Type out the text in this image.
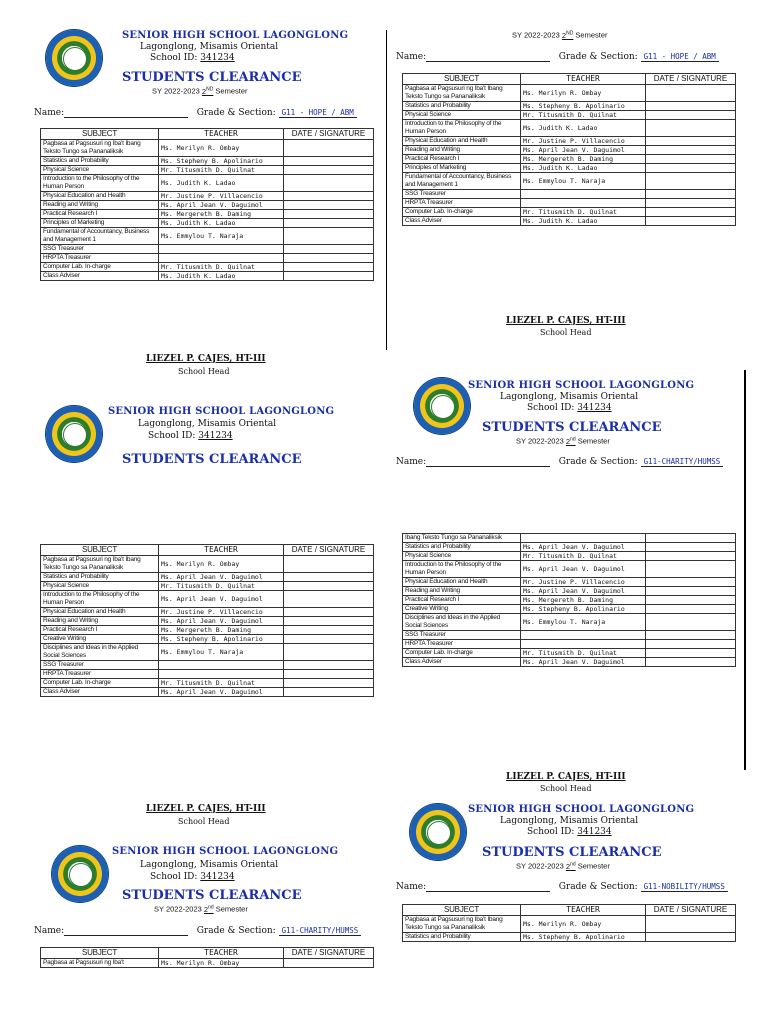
SENIOR HIGH SCHOOL LAGONGLONG
Lagonglong, Misamis Oriental
School ID: 341234
STUDENTS CLEARANCE
SY 2022-2023 2ND Semester
Name:	Grade & Section: G11 - HOPE / ABM
SUBJECT	TEACHER	DATE / SIGNATURE
Pagbasa at Pagsusuri ng Iba't Ibang Teksto Tungo sa Pananaliksik	Ms. Merilyn R. Ombay	
Statistics and Probability	Ms. Stepheny B. Apolinario	
Physical Science	Mr. Titusmith D. Quilnat	
Introduction to the Philosophy of the Human Person	Ms. Judith K. Ladao	
Physical Education and Health	Mr. Justine P. Villacencio	
Reading and Writing	Ms. April Jean V. Daguimol	
Practical Research I	Ms. Mergereth B. Daming	
Principles of Marketing	Ms. Judith K. Ladao	
Fundamental of Accountancy, Business and Management 1	Ms. Emmylou T. Naraja	
SSG Treasurer		
HRPTA Treasurer		
Computer Lab. In-charge	Mr. Titusmith D. Quilnat	
Class Adviser	Ms. Judith K. Ladao	
LIEZEL P. CAJES, HT-III
School Head
SY 2022-2023 2ND Semester
Name:	Grade & Section: G11 - HOPE / ABM
SUBJECT	TEACHER	DATE / SIGNATURE
Pagbasa at Pagsusuri ng Iba't Ibang Teksto Tungo sa Pananaliksik	Ms. Merilyn R. Ombay	
Statistics and Probability	Ms. Stepheny B. Apolinario	
Physical Science	Mr. Titusmith D. Quilnat	
Introduction to the Philosophy of the Human Person	Ms. Judith K. Ladao	
Physical Education and Health	Mr. Justine P. Villacencio	
Reading and Writing	Ms. April Jean V. Daguimol	
Practical Research I	Ms. Mergereth B. Daming	
Principles of Marketing	Ms. Judith K. Ladao	
Fundamental of Accountancy, Business and Management 1	Ms. Emmylou T. Naraja	
SSG Treasurer		
HRPTA Treasurer		
Computer Lab. In-charge	Mr. Titusmith D. Quilnat	
Class Adviser	Ms. Judith K. Ladao	
LIEZEL P. CAJES, HT-III
School Head
SENIOR HIGH SCHOOL LAGONGLONG
Lagonglong, Misamis Oriental
School ID: 341234
STUDENTS CLEARANCE
SUBJECT	TEACHER	DATE / SIGNATURE
Pagbasa at Pagsusuri ng Iba't Ibang Teksto Tungo sa Pananaliksik	Ms. Merilyn R. Ombay	
Statistics and Probability	Ms. April Jean V. Daguimol	
Physical Science	Mr. Titusmith D. Quilnat	
Introduction to the Philosophy of the Human Person	Ms. April Jean V. Daguimol	
Physical Education and Health	Mr. Justine P. Villacencio	
Reading and Writing	Ms. April Jean V. Daguimol	
Practical Research I	Ms. Mergereth B. Daming	
Creative Writing	Ms. Stepheny B. Apolinario	
Disciplines and Ideas in the Applied Social Sciences	Ms. Emmylou T. Naraja	
SSG Treasurer		
HRPTA Treasurer		
Computer Lab. In-charge	Mr. Titusmith D. Quilnat	
Class Adviser	Ms. April Jean V. Daguimol	
LIEZEL P. CAJES, HT-III
School Head
SENIOR HIGH SCHOOL LAGONGLONG
Lagonglong, Misamis Oriental
School ID: 341234
STUDENTS CLEARANCE
SY 2022-2023 2nd Semester
Name:	Grade & Section: G11-CHARITY/HUMSS
Ibang Teksto Tungo sa Pananaliksik		
Statistics and Probability	Ms. April Jean V. Daguimol	
Physical Science	Mr. Titusmith D. Quilnat	
Introduction to the Philosophy of the Human Person	Ms. April Jean V. Daguimol	
Physical Education and Health	Mr. Justine P. Villacencio	
Reading and Writing	Ms. April Jean V. Daguimol	
Practical Research I	Ms. Mergereth B. Daming	
Creative Writing	Ms. Stepheny B. Apolinario	
Disciplines and Ideas in the Applied Social Sciences	Ms. Emmylou T. Naraja	
SSG Treasurer		
HRPTA Treasurer		
Computer Lab. In-charge	Mr. Titusmith D. Quilnat	
Class Adviser	Ms. April Jean V. Daguimol	
LIEZEL P. CAJES, HT-III
School Head
SENIOR HIGH SCHOOL LAGONGLONG
Lagonglong, Misamis Oriental
School ID: 341234
STUDENTS CLEARANCE
SY 2022-2023 2nd Semester
Name:	Grade & Section: G11-CHARITY/HUMSS
SUBJECT	TEACHER	DATE / SIGNATURE
Pagbasa at Pagsusuri ng Iba't	Ms. Merilyn R. Ombay	
SENIOR HIGH SCHOOL LAGONGLONG
Lagonglong, Misamis Oriental
School ID: 341234
STUDENTS CLEARANCE
SY 2022-2023 2nd Semester
Name:	Grade & Section: G11-NOBILITY/HUMSS
SUBJECT	TEACHER	DATE / SIGNATURE
Pagbasa at Pagsusuri ng Iba't Ibang Teksto Tungo sa Pananaliksik	Ms. Merilyn R. Ombay	
Statistics and Probability	Ms. Stepheny B. Apolinario	
